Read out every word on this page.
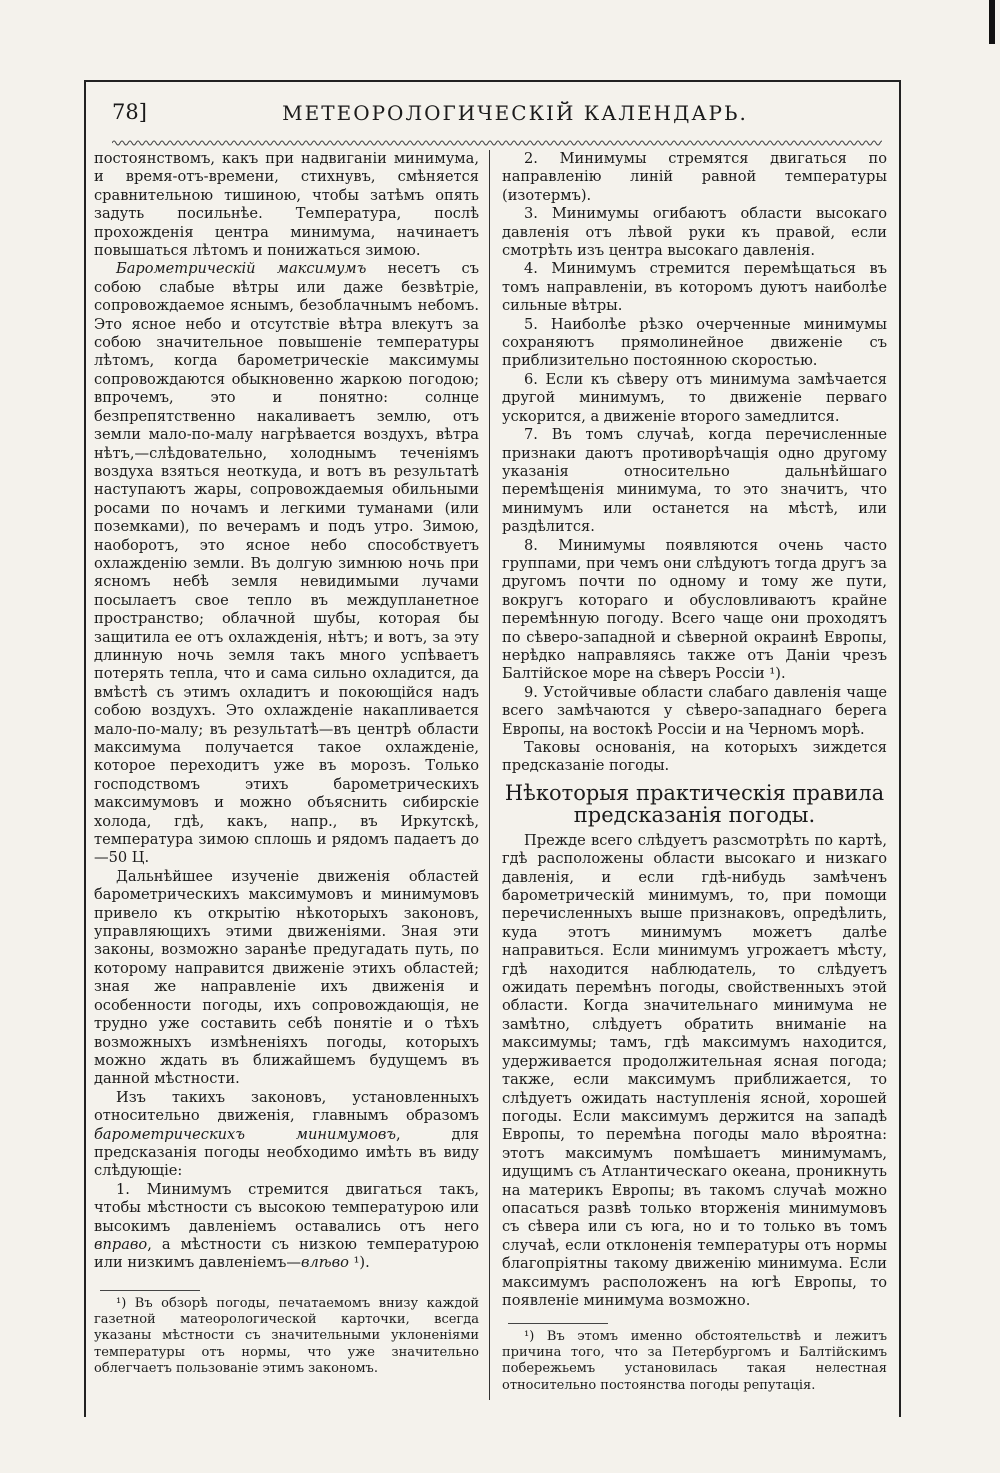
78]	МЕТЕОРОЛОГИЧЕСКІЙ КАЛЕНДАРЬ.

постоянствомъ, какъ при надвиганіи минимума, и время-отъ-времени, стихнувъ, смѣняется сравнительною тишиною, чтобы затѣмъ опять задуть посильнѣе. Температура, послѣ прохожденія центра минимума, начинаетъ повышаться лѣтомъ и понижаться зимою.

Барометрическій максимумъ несетъ съ собою слабые вѣтры или даже безвѣтріе, сопровождаемое яснымъ, безоблачнымъ небомъ. Это ясное небо и отсутствіе вѣтра влекутъ за собою значительное повышеніе температуры лѣтомъ, когда барометрическіе максимумы сопровождаются обыкновенно жаркою погодою; впрочемъ, это и понятно: солнце безпрепятственно накаливаетъ землю, отъ земли мало-по-малу нагрѣвается воздухъ, вѣтра нѣтъ,—слѣдовательно, холоднымъ теченіямъ воздуха взяться неоткуда, и вотъ въ результатѣ наступаютъ жары, сопровождаемыя обильными росами по ночамъ и легкими туманами (или поземками), по вечерамъ и подъ утро. Зимою, наоборотъ, это ясное небо способствуетъ охлажденію земли. Въ долгую зимнюю ночь при ясномъ небѣ земля невидимыми лучами посылаетъ свое тепло въ междупланетное пространство; облачной шубы, которая бы защитила ее отъ охлажденія, нѣтъ; и вотъ, за эту длинную ночь земля такъ много успѣваетъ потерять тепла, что и сама сильно охладится, да вмѣстѣ съ этимъ охладитъ и покоющійся надъ собою воздухъ. Это охлажденіе накапливается мало-по-малу; въ результатѣ—въ центрѣ области максимума получается такое охлажденіе, которое переходитъ уже въ морозъ. Только господствомъ этихъ барометрическихъ максимумовъ и можно объяснить сибирскіе холода, гдѣ, какъ, напр., въ Иркутскѣ, температура зимою сплошь и рядомъ падаетъ до—50 Ц.

Дальнѣйшее изученіе движенія областей барометрическихъ максимумовъ и минимумовъ привело къ открытію нѣкоторыхъ законовъ, управляющихъ этими движеніями. Зная эти законы, возможно заранѣе предугадать путь, по которому направится движеніе этихъ областей; зная же направленіе ихъ движенія и особенности погоды, ихъ сопровождающія, не трудно уже составить себѣ понятіе и о тѣхъ возможныхъ измѣненіяхъ погоды, которыхъ можно ждать въ ближайшемъ будущемъ въ данной мѣстности.

Изъ такихъ законовъ, установленныхъ относительно движенія, главнымъ образомъ барометрическихъ минимумовъ, для предсказанія погоды необходимо имѣть въ виду слѣдующіе:

1. Минимумъ стремится двигаться такъ, чтобы мѣстности съ высокою температурою или высокимъ давленіемъ оставались отъ него вправо, а мѣстности съ низкою температурою или низкимъ давленіемъ—влѣво ¹).

¹) Въ обзорѣ погоды, печатаемомъ внизу каждой газетной матеорологической карточки, всегда указаны мѣстности съ значительными уклоненіями температуры отъ нормы, что уже значительно облегчаетъ пользованіе этимъ закономъ.

2. Минимумы стремятся двигаться по направленію линій равной температуры (изотермъ).

3. Минимумы огибаютъ области высокаго давленія отъ лѣвой руки къ правой, если смотрѣть изъ центра высокаго давленія.

4. Минимумъ стремится перемѣщаться въ томъ направленіи, въ которомъ дуютъ наиболѣе сильные вѣтры.

5. Наиболѣе рѣзко очерченные минимумы сохраняютъ прямолинейное движеніе съ приблизительно постоянною скоростью.

6. Если къ сѣверу отъ минимума замѣчается другой минимумъ, то движеніе перваго ускорится, а движеніе второго замедлится.

7. Въ томъ случаѣ, когда перечисленные признаки даютъ противорѣчащія одно другому указанія относительно дальнѣйшаго перемѣщенія минимума, то это значитъ, что минимумъ или останется на мѣстѣ, или раздѣлится.

8. Минимумы появляются очень часто группами, при чемъ они слѣдуютъ тогда другъ за другомъ почти по одному и тому же пути, вокругъ котораго и обусловливаютъ крайне перемѣнную погоду. Всего чаще они проходятъ по сѣверо-западной и сѣверной окраинѣ Европы, нерѣдко направляясь также отъ Даніи чрезъ Балтійское море на сѣверъ Россіи ¹).

9. Устойчивые области слабаго давленія чаще всего замѣчаются у сѣверо-западнаго берега Европы, на востокѣ Россіи и на Черномъ морѣ.

Таковы основанія, на которыхъ зиждется предсказаніе погоды.

Нѣкоторыя практическія правила предсказанія погоды.

Прежде всего слѣдуетъ разсмотрѣть по картѣ, гдѣ расположены области высокаго и низкаго давленія, и если гдѣ-нибудь замѣченъ барометрическій минимумъ, то, при помощи перечисленныхъ выше признаковъ, опредѣлить, куда этотъ минимумъ можетъ далѣе направиться. Если минимумъ угрожаетъ мѣсту, гдѣ находится наблюдатель, то слѣдуетъ ожидать перемѣнъ погоды, свойственныхъ этой области. Когда значительнаго минимума не замѣтно, слѣдуетъ обратить вниманіе на максимумы; тамъ, гдѣ максимумъ находится, удерживается продолжительная ясная погода; также, если максимумъ приближается, то слѣдуетъ ожидать наступленія ясной, хорошей погоды. Если максимумъ держится на западѣ Европы, то перемѣна погоды мало вѣроятна: этотъ максимумъ помѣшаетъ минимумамъ, идущимъ съ Атлантическаго океана, проникнуть на материкъ Европы; въ такомъ случаѣ можно опасаться развѣ только вторженія минимумовъ съ сѣвера или съ юга, но и то только въ томъ случаѣ, если отклоненія температуры отъ нормы благопріятны такому движенію минимума. Если максимумъ расположенъ на югѣ Европы, то появленіе минимума возможно.

¹) Въ этомъ именно обстоятельствѣ и лежитъ причина того, что за Петербургомъ и Балтійскимъ побережьемъ установилась такая нелестная относительно постоянства погоды репутація.
